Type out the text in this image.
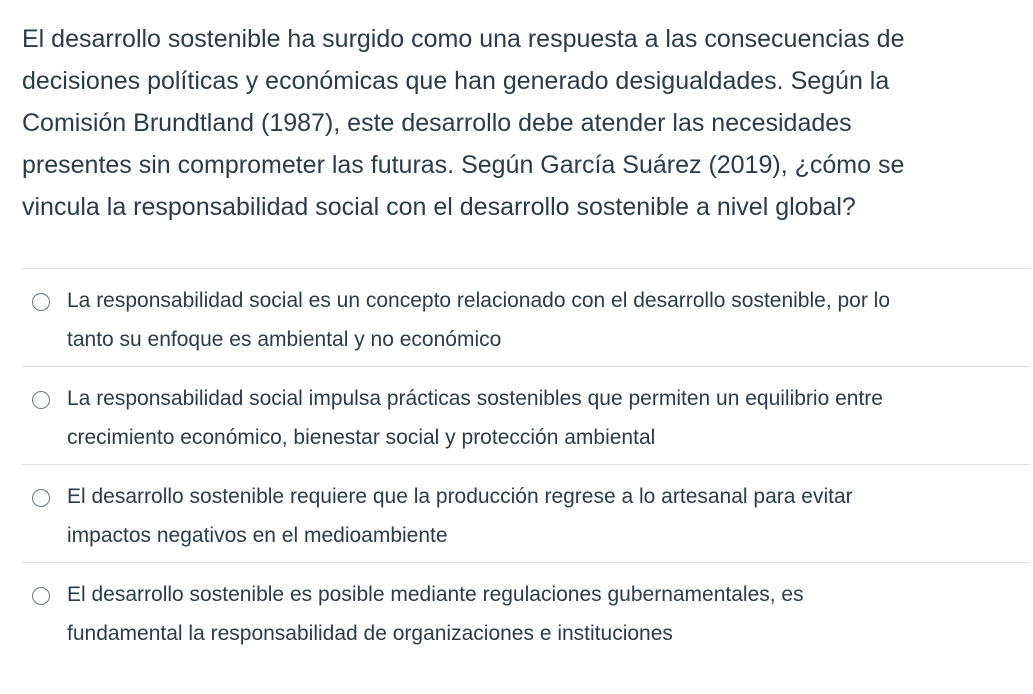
El desarrollo sostenible ha surgido como una respuesta a las consecuencias de
decisiones políticas y económicas que han generado desigualdades. Según la
Comisión Brundtland (1987), este desarrollo debe atender las necesidades
presentes sin comprometer las futuras. Según García Suárez (2019), ¿cómo se
vincula la responsabilidad social con el desarrollo sostenible a nivel global?
La responsabilidad social es un concepto relacionado con el desarrollo sostenible, por lo
tanto su enfoque es ambiental y no económico
La responsabilidad social impulsa prácticas sostenibles que permiten un equilibrio entre
crecimiento económico, bienestar social y protección ambiental
El desarrollo sostenible requiere que la producción regrese a lo artesanal para evitar
impactos negativos en el medioambiente
El desarrollo sostenible es posible mediante regulaciones gubernamentales, es
fundamental la responsabilidad de organizaciones e instituciones
